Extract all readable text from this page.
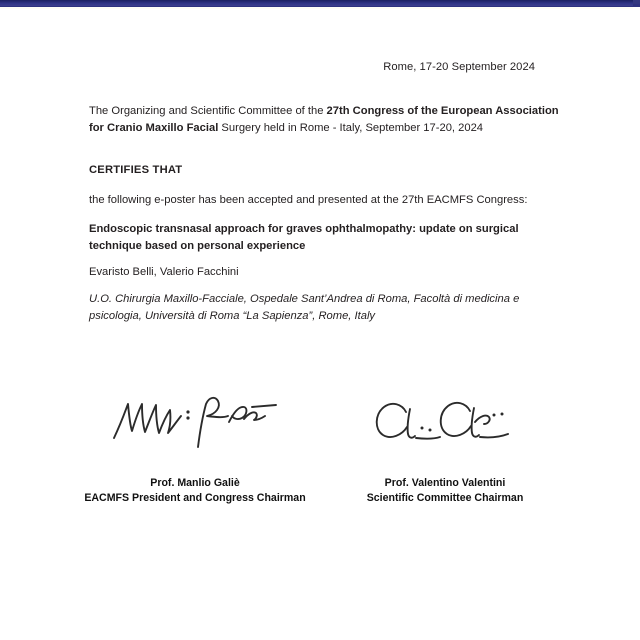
Rome, 17-20 September 2024
The Organizing and Scientific Committee of the 27th Congress of the European Association for Cranio Maxillo Facial Surgery held in Rome - Italy, September 17-20, 2024
CERTIFIES THAT
the following e-poster has been accepted and presented at the 27th EACMFS Congress:
Endoscopic transnasal approach for graves ophthalmopathy: update on surgical technique based on personal experience
Evaristo Belli, Valerio Facchini
U.O. Chirurgia Maxillo-Facciale, Ospedale Sant’Andrea di Roma, Facoltà di medicina e psicologia, Università di Roma “La Sapienza”, Rome, Italy
Prof. Manlio Galiè
EACMFS President and Congress Chairman
Prof. Valentino Valentini
Scientific Committee Chairman
